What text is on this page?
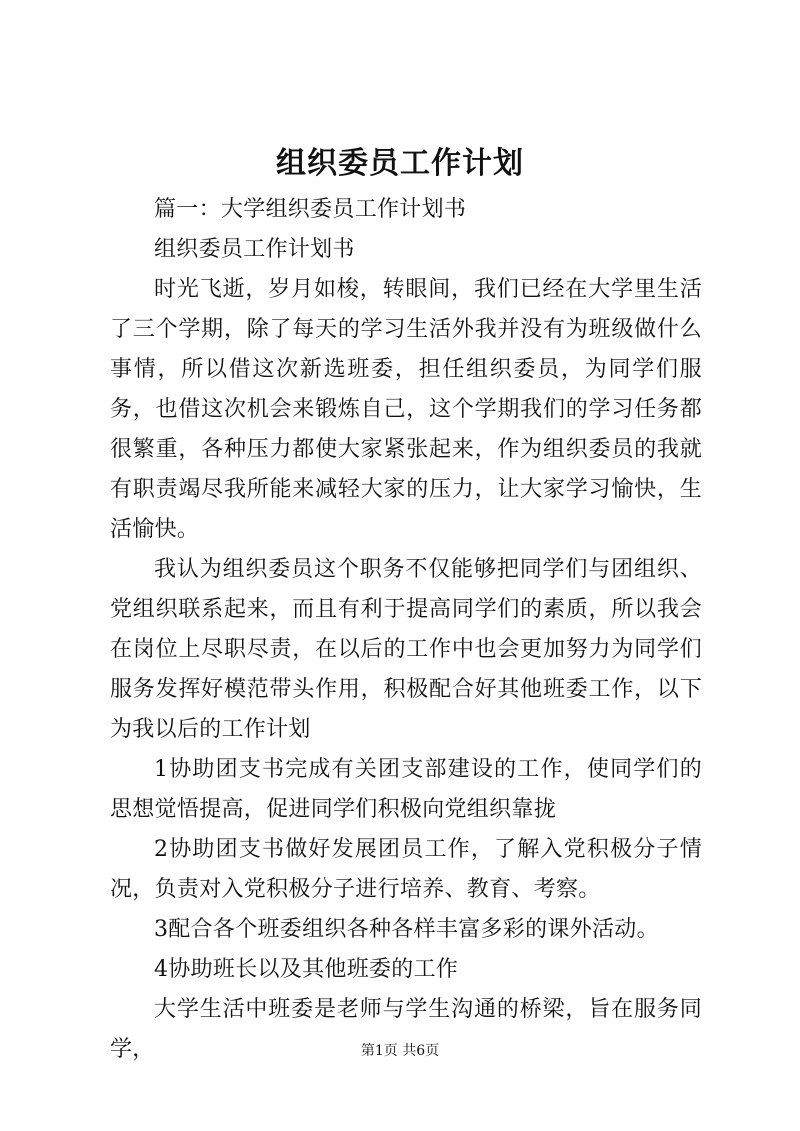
组织委员工作计划

篇一：大学组织委员工作计划书

组织委员工作计划书

时光飞逝，岁月如梭，转眼间，我们已经在大学里生活了三个学期，除了每天的学习生活外我并没有为班级做什么事情，所以借这次新选班委，担任组织委员，为同学们服务，也借这次机会来锻炼自己，这个学期我们的学习任务都很繁重，各种压力都使大家紧张起来，作为组织委员的我就有职责竭尽我所能来减轻大家的压力，让大家学习愉快，生活愉快。

我认为组织委员这个职务不仅能够把同学们与团组织、党组织联系起来，而且有利于提高同学们的素质，所以我会在岗位上尽职尽责，在以后的工作中也会更加努力为同学们服务发挥好模范带头作用，积极配合好其他班委工作，以下为我以后的工作计划

1协助团支书完成有关团支部建设的工作，使同学们的思想觉悟提高，促进同学们积极向党组织靠拢

2协助团支书做好发展团员工作，了解入党积极分子情况，负责对入党积极分子进行培养、教育、考察。

3配合各个班委组织各种各样丰富多彩的课外活动。

4协助班长以及其他班委的工作

大学生活中班委是老师与学生沟通的桥梁，旨在服务同学，	第1页 共6页
